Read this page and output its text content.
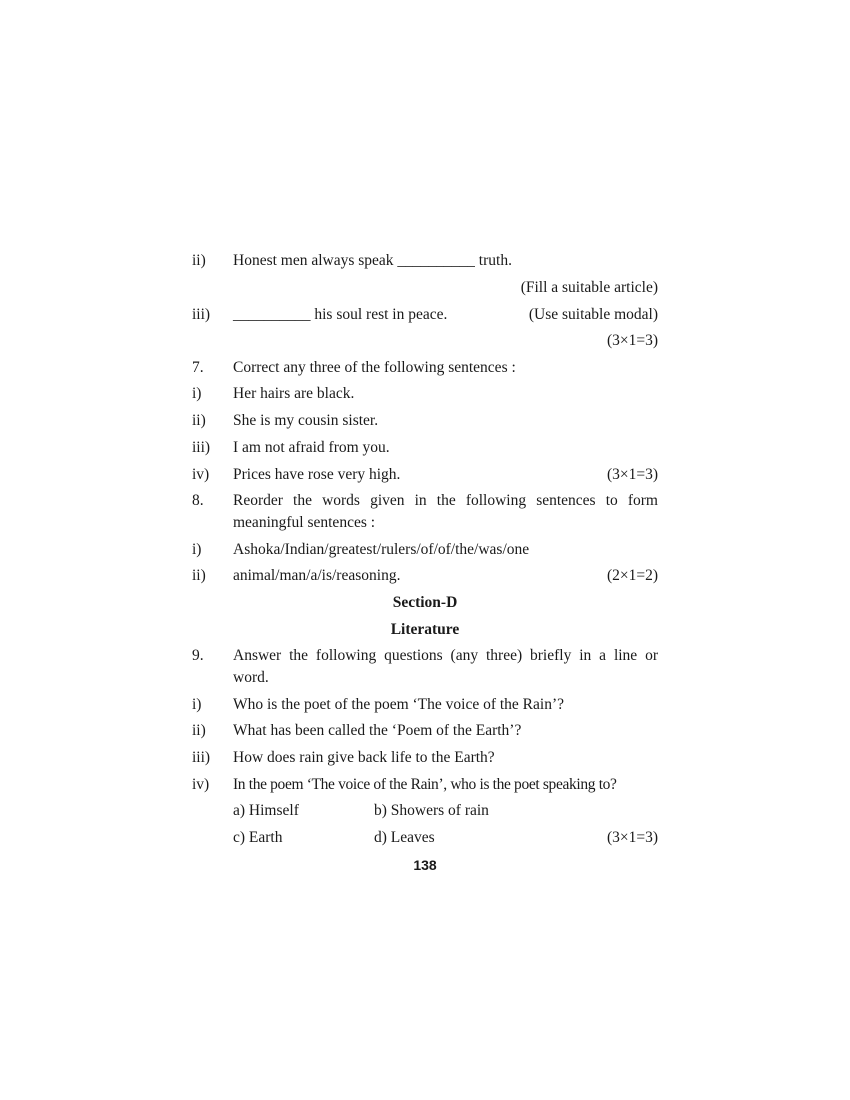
ii) Honest men always speak __________ truth.
(Fill a suitable article)
iii) __________ his soul rest in peace.	(Use suitable modal)
(3×1=3)
7. Correct any three of the following sentences :
i) Her hairs are black.
ii) She is my cousin sister.
iii) I am not afraid from you.
iv) Prices have rose very high.	(3×1=3)
8. Reorder the words given in the following sentences to form
meaningful sentences :
i) Ashoka/Indian/greatest/rulers/of/of/the/was/one
ii) animal/man/a/is/reasoning.	(2×1=2)
Section-D
Literature
9. Answer the following questions (any three) briefly in a line or
word.
i) Who is the poet of the poem ‘The voice of the Rain’?
ii) What has been called the ‘Poem of the Earth’?
iii) How does rain give back life to the Earth?
iv) In the poem ‘The voice of the Rain’, who is the poet speaking to?
a) Himself	b) Showers of rain
c) Earth	d) Leaves	(3×1=3)
138
